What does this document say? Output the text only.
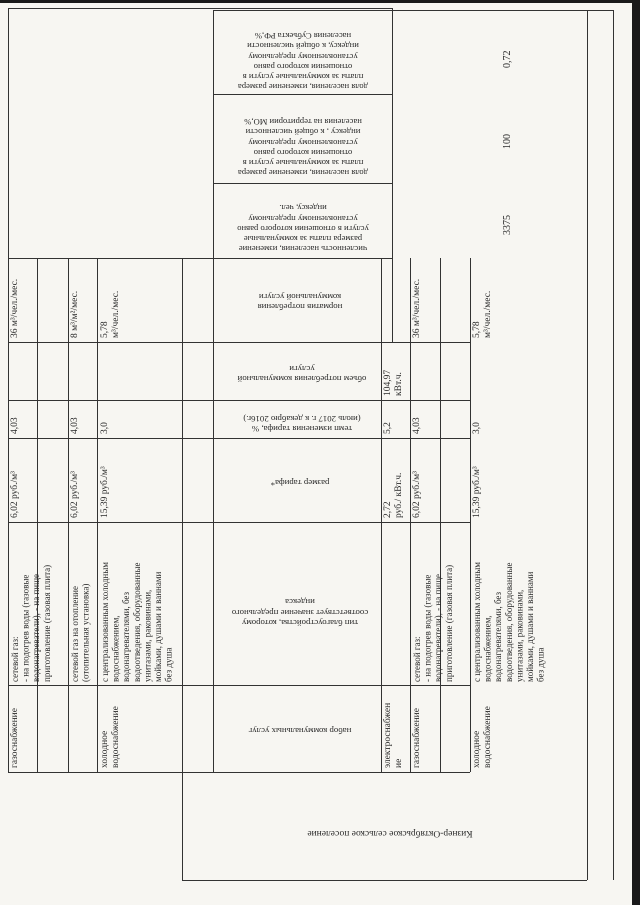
доля населения, изменение размера
платы за коммунальные услуги в
отношении которого равно
установленному предельному
индексу, к общей численности
населения Субъекта РФ,%
доля населения, изменение размера
платы за коммунальные услуги в
отношении которого равно
установленному предельному
индексу , к общей численности
населения на территории МО,%
численность населения, изменение
размера платы за коммунальные
услуги в отношении которого равно
установленному предельному
индексу, чел.
0,72
100
3375
норматив потребления
коммунальной услуги
объем потребления коммунальной
услуги
темп изменения тарифа, %
(июль 2017 г. к декабрю 2016г.)
размер тарифа*
тип благоустройства, которому
соответствует значение предельного
индекса
набор коммунальных услуг
36 м³/чел./мес.
4,03
6,02 руб./м³
сетевой газ:
- на подогрев воды (газовые
водонагреватели), - на пище
приготовление (газовая плита)
газоснабжение
8 м³/м²/мес.
4,03
6,02 руб./м³
сетевой газ на отопление
(отопительная установка)
5,78
м³/чел./мес.
3,0
15,39 руб./м³
с централизованным холодным
водоснабжением,
водонагревателями, без
водоотведения, оборудованные
унитазами, раковинами,
мойками, душами и ваннами
без душа
холодное
водоснабжение
104,97
кВт.ч.
5,2
2,72
руб./ кВт.ч.
электроснабжен
ие
36 м³/чел./мес.
4,03
6,02 руб./м³
сетевой газ:
- на подогрев воды (газовые
водонагреватели), - на пище
приготовление (газовая плита)
газоснабжение
5,78
м³/чел./мес.
3,0
15,39 руб./м³
с централизованным холодным
водоснабжением,
водонагревателями, без
водоотведения, оборудованные
унитазами, раковинами,
мойками, душами и ваннами
без душа
холодное
водоснабжение
Кизнер-Октябрьское сельское поселение
